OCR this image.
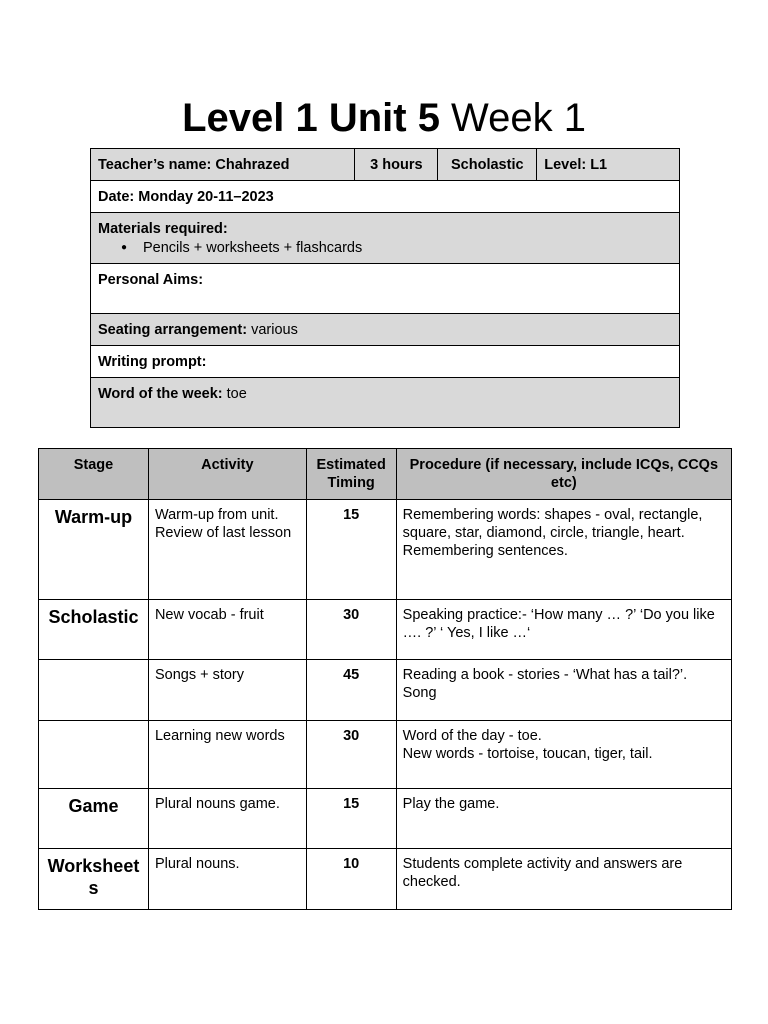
Level 1 Unit 5 Week 1
Teacher’s name: Chahrazed	3 hours	Scholastic	Level: L1
Date: Monday 20-11–2023

Materials required:
● Pencils + worksheets + flashcards

Personal Aims:
Seating arrangement: various
Writing prompt:
Word of the week: toe
Stage	Activity	Estimated Timing	Procedure (if necessary, include ICQs, CCQs etc)
Warm-up	Warm-up from unit. Review of last lesson	15	Remembering words: shapes - oval, rectangle, square, star, diamond, circle, triangle, heart.
Remembering sentences.
Scholastic	New vocab - fruit	30	Speaking practice:- ‘How many … ?’ ‘Do you like …. ?’ ‘ Yes, I like …‘
	Songs + story	45	Reading a book - stories - ‘What has a tail?’.
Song
	Learning new words	30	Word of the day - toe.
New words - tortoise, toucan, tiger, tail.
Game	Plural nouns game.	15	Play the game.
Worksheets	Plural nouns.	10	Students complete activity and answers are checked.
